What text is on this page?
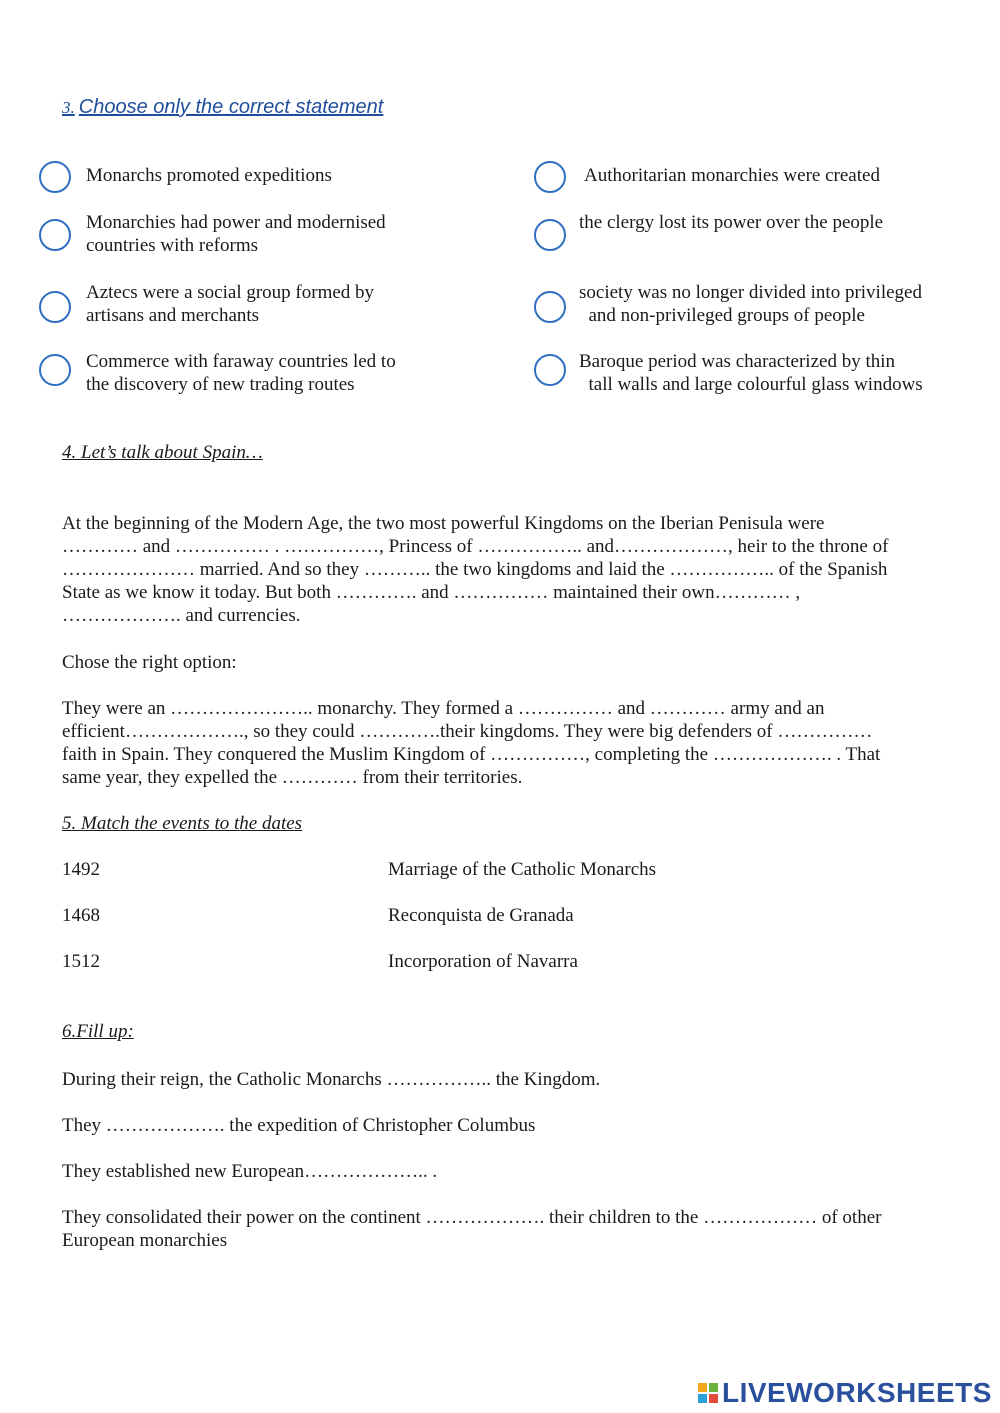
3. Choose only the correct statement
Monarchs promoted expeditions
Monarchies had power and modernised
countries with reforms
Aztecs were a social group formed by
artisans and merchants
Commerce with faraway countries led to
the discovery of new trading routes
Authoritarian monarchies were created
the clergy lost its power over the people
society was no longer divided into privileged
and non-privileged groups of people
Baroque period was characterized by thin
tall walls and large colourful glass windows
4. Let’s talk about Spain…
At the beginning of the Modern Age, the two most powerful Kingdoms on the Iberian Penisula were
………… and …………… . ……………, Princess of …………….. and………………, heir to the throne of
………………… married. And so they ……….. the two kingdoms and laid the …………….. of the Spanish
State as we know it today. But both …………. and …………… maintained their own………… ,
………………. and currencies.
Chose the right option:
They were an ………………….. monarchy. They formed a …………… and ………… army and an
efficient………………., so they could ………….their kingdoms. They were big defenders of ……………
faith in Spain. They conquered the Muslim Kingdom of ……………, completing the ………………. . That
same year, they expelled the ………… from their territories.
5. Match the events to the dates
1492	Marriage of the Catholic Monarchs
1468	Reconquista de Granada
1512	Incorporation of Navarra
6.Fill up:
During their reign, the Catholic Monarchs …………….. the Kingdom.
They ………………. the expedition of Christopher Columbus
They established new European……………….. .
They consolidated their power on the continent ………………. their children to the ……………… of other
European monarchies
LIVEWORKSHEETS
